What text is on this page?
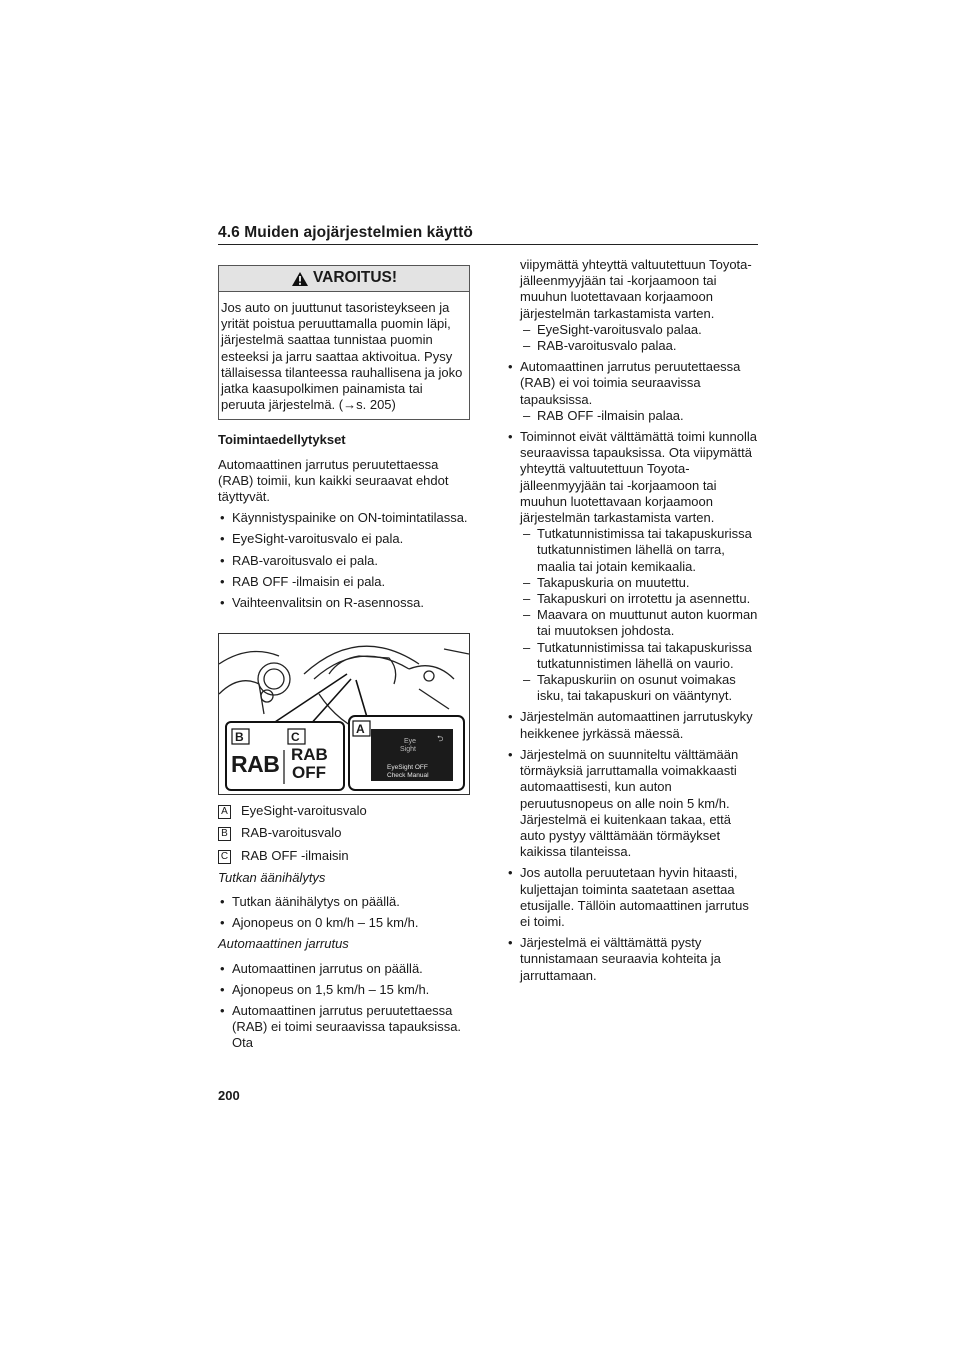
4.6 Muiden ajojärjestelmien käyttö
VAROITUS!
Jos auto on juuttunut tasoristeykseen ja yrität poistua peruuttamalla puomin läpi, järjestelmä saattaa tunnistaa puomin esteeksi ja jarru saattaa aktivoitua. Pysy tällaisessa tilanteessa rauhallisena ja joko jatka kaasupolkimen painamista tai peruuta järjestelmä. (→s. 205)
Toimintaedellytykset
Automaattinen jarrutus peruutettaessa (RAB) toimii, kun kaikki seuraavat ehdot täyttyvät.
• Käynnistyspainike on ON-toimintatilassa.
• EyeSight-varoitusvalo ei pala.
• RAB-varoitusvalo ei pala.
• RAB OFF -ilmaisin ei pala.
• Vaihteenvalitsin on R-asennossa.
B	C
A
RAB RAB
OFF
Eye
Sight
⮌
EyeSight OFF
Check Manual
A EyeSight-varoitusvalo
B RAB-varoitusvalo
C RAB OFF -ilmaisin
Tutkan äänihälytys
• Tutkan äänihälytys on päällä.
• Ajonopeus on 0 km/h – 15 km/h.
Automaattinen jarrutus
• Automaattinen jarrutus on päällä.
• Ajonopeus on 1,5 km/h – 15 km/h.
• Automaattinen jarrutus peruutettaessa (RAB) ei toimi seuraavissa tapauksissa. Ota
viipymättä yhteyttä valtuutettuun Toyota-jälleenmyyjään tai -korjaamoon tai muuhun luotettavaan korjaamoon järjestelmän tarkastamista varten.
– EyeSight-varoitusvalo palaa.
– RAB-varoitusvalo palaa.
• Automaattinen jarrutus peruutettaessa (RAB) ei voi toimia seuraavissa tapauksissa.
– RAB OFF -ilmaisin palaa.
• Toiminnot eivät välttämättä toimi kunnolla seuraavissa tapauksissa. Ota viipymättä yhteyttä valtuutettuun Toyota-jälleenmyyjään tai -korjaamoon tai muuhun luotettavaan korjaamoon järjestelmän tarkastamista varten.
– Tutkatunnistimissa tai takapuskurissa tutkatunnistimen lähellä on tarra, maalia tai jotain kemikaalia.
– Takapuskuria on muutettu.
– Takapuskuri on irrotettu ja asennettu.
– Maavara on muuttunut auton kuorman tai muutoksen johdosta.
– Tutkatunnistimissa tai takapuskurissa tutkatunnistimen lähellä on vaurio.
– Takapuskuriin on osunut voimakas isku, tai takapuskuri on vääntynyt.
• Järjestelmän automaattinen jarrutuskyky heikkenee jyrkässä mäessä.
• Järjestelmä on suunniteltu välttämään törmäyksiä jarruttamalla voimakkaasti automaattisesti, kun auton peruutusnopeus on alle noin 5 km/h. Järjestelmä ei kuitenkaan takaa, että auto pystyy välttämään törmäykset kaikissa tilanteissa.
• Jos autolla peruutetaan hyvin hitaasti, kuljettajan toiminta saatetaan asettaa etusijalle. Tällöin automaattinen jarrutus ei toimi.
• Järjestelmä ei välttämättä pysty tunnistamaan seuraavia kohteita ja jarruttamaan.
200
